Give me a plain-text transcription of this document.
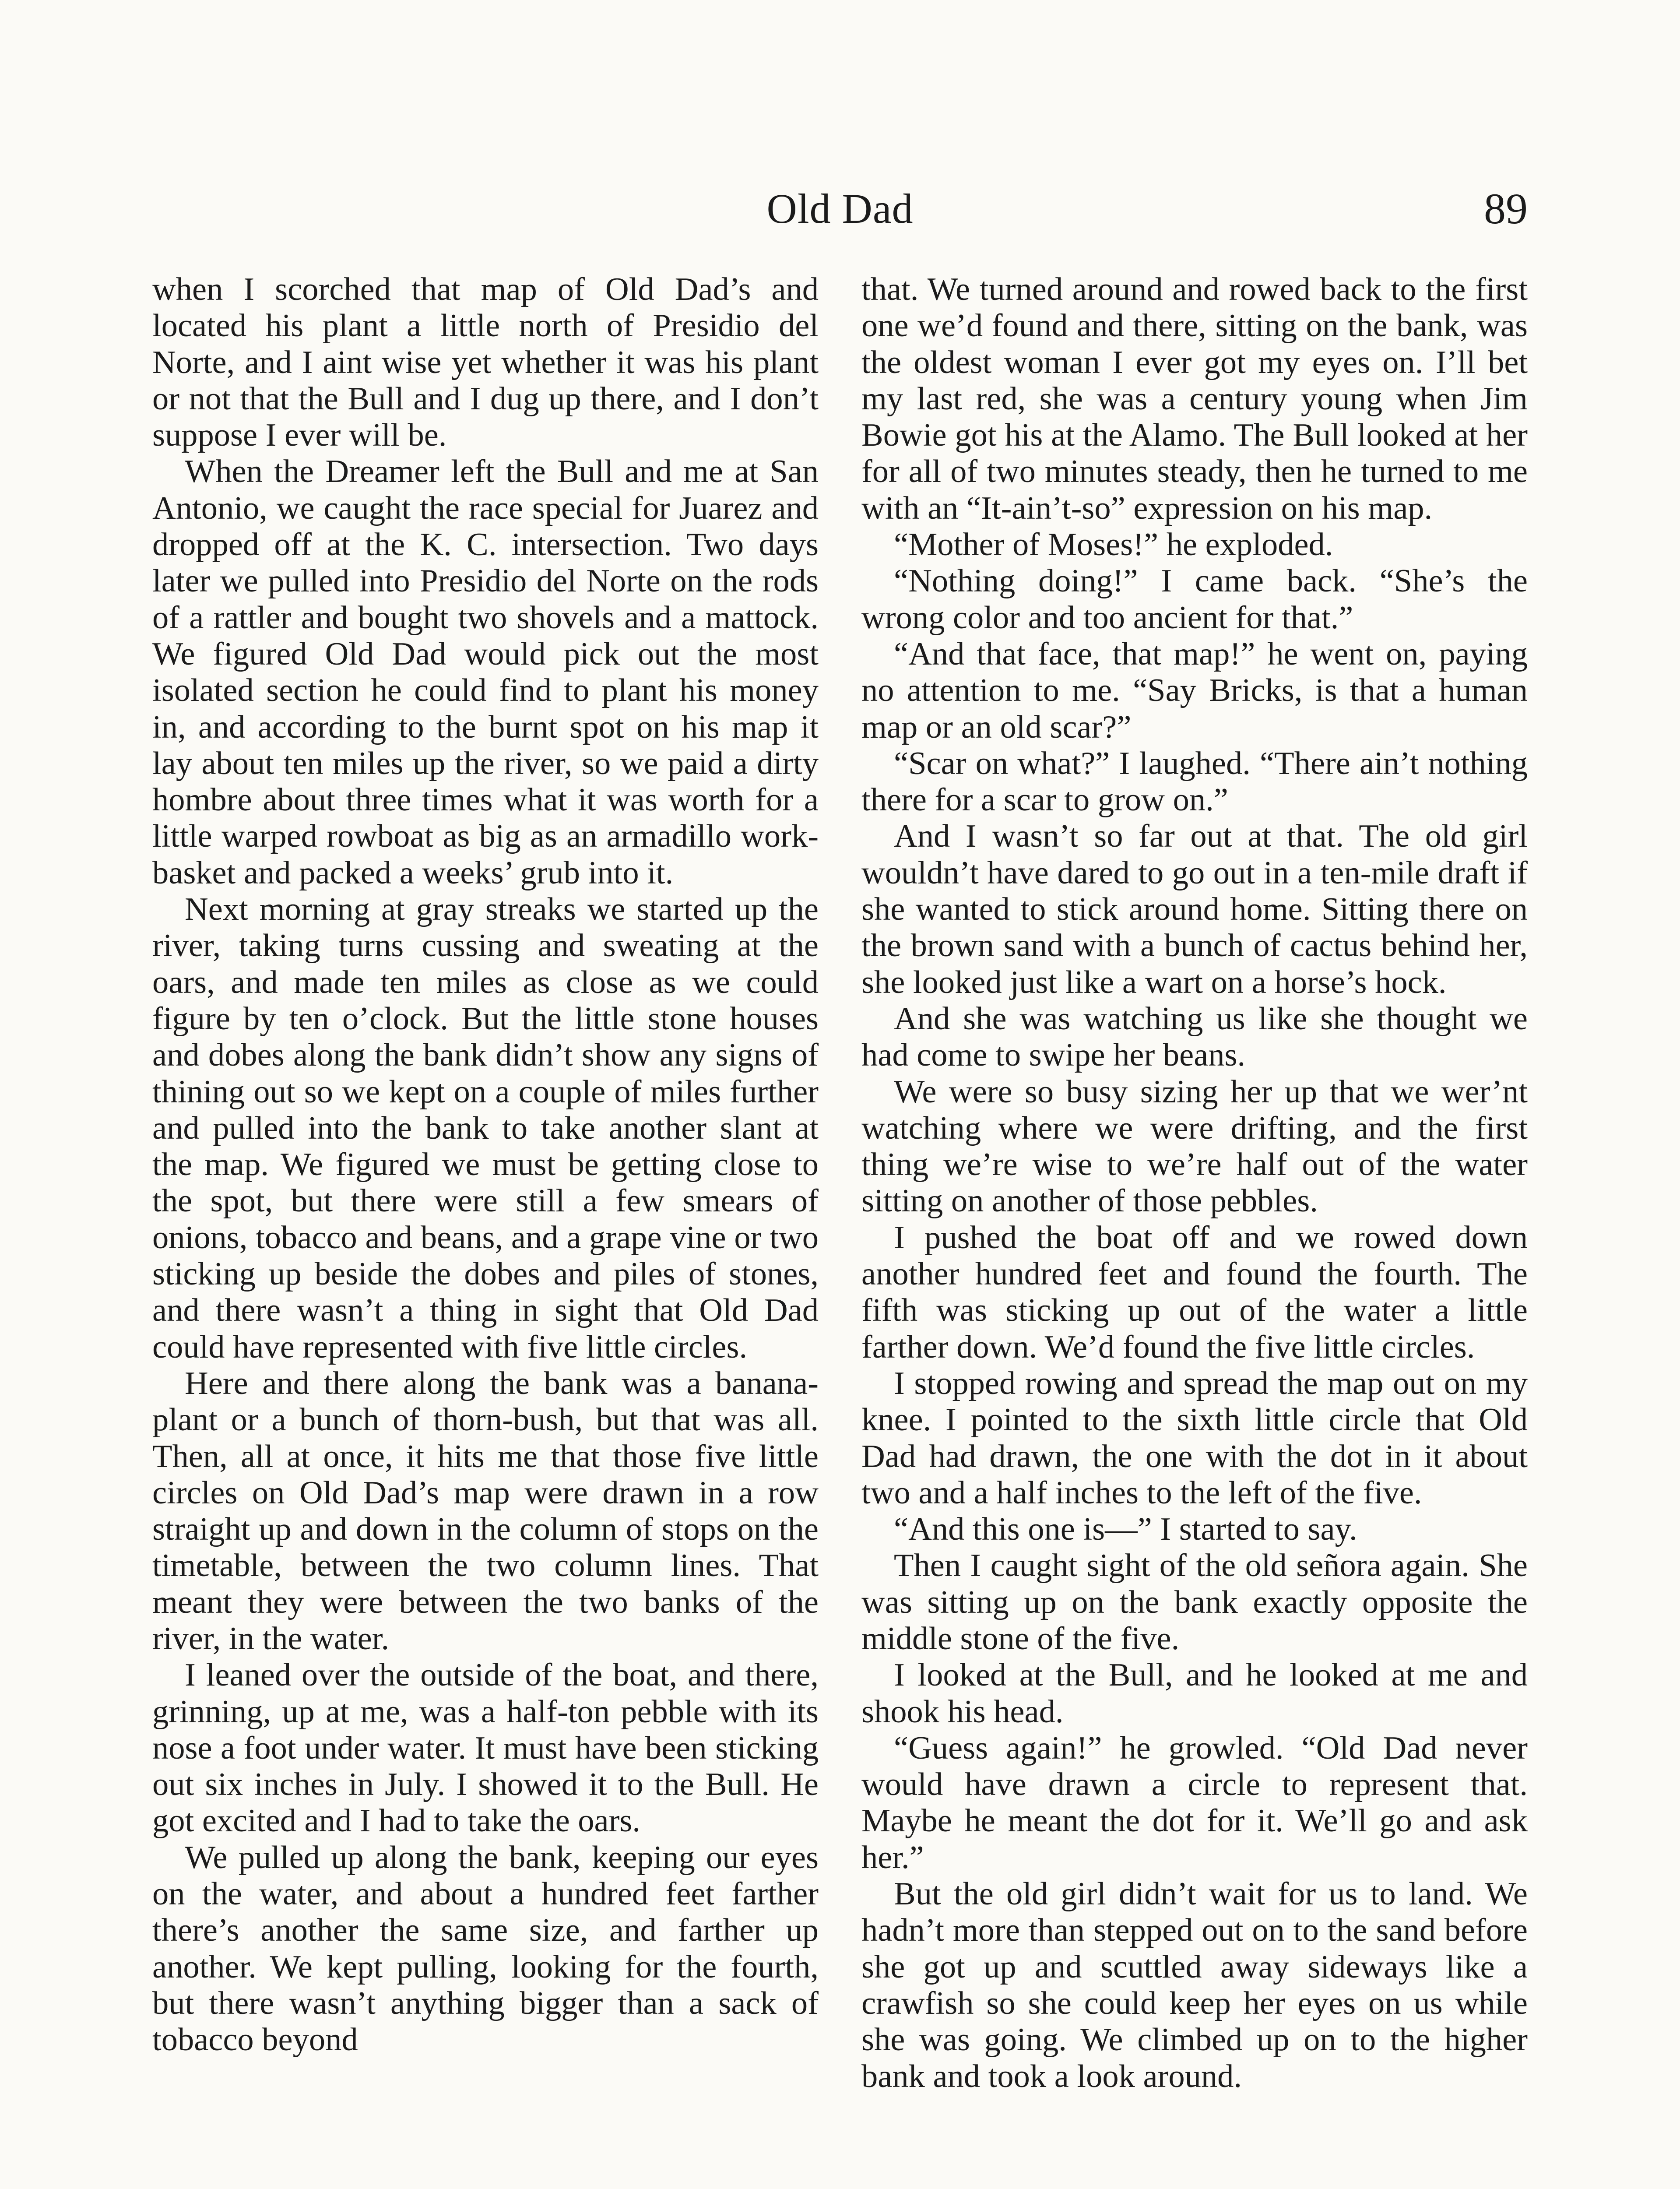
Old Dad	89

when I scorched that map of Old Dad’s and located his plant a little north of Presidio del Norte, and I aint wise yet whether it was his plant or not that the Bull and I dug up there, and I don’t suppose I ever will be.

When the Dreamer left the Bull and me at San Antonio, we caught the race special for Juarez and dropped off at the K. C. intersection. Two days later we pulled into Presidio del Norte on the rods of a rattler and bought two shovels and a mattock. We figured Old Dad would pick out the most isolated section he could find to plant his money in, and according to the burnt spot on his map it lay about ten miles up the river, so we paid a dirty hombre about three times what it was worth for a little warped rowboat as big as an armadillo work-basket and packed a weeks’ grub into it.

Next morning at gray streaks we started up the river, taking turns cussing and sweating at the oars, and made ten miles as close as we could figure by ten o’clock. But the little stone houses and dobes along the bank didn’t show any signs of thining out so we kept on a couple of miles further and pulled into the bank to take another slant at the map. We figured we must be getting close to the spot, but there were still a few smears of onions, tobacco and beans, and a grape vine or two sticking up beside the dobes and piles of stones, and there wasn’t a thing in sight that Old Dad could have represented with five little circles.

Here and there along the bank was a banana-plant or a bunch of thorn-bush, but that was all. Then, all at once, it hits me that those five little circles on Old Dad’s map were drawn in a row straight up and down in the column of stops on the timetable, between the two column lines. That meant they were between the two banks of the river, in the water.

I leaned over the outside of the boat, and there, grinning, up at me, was a half-ton pebble with its nose a foot under water. It must have been sticking out six inches in July. I showed it to the Bull. He got excited and I had to take the oars.

We pulled up along the bank, keeping our eyes on the water, and about a hundred feet farther there’s another the same size, and farther up another. We kept pulling, looking for the fourth, but there wasn’t anything bigger than a sack of tobacco beyond

that. We turned around and rowed back to the first one we’d found and there, sitting on the bank, was the oldest woman I ever got my eyes on. I’ll bet my last red, she was a century young when Jim Bowie got his at the Alamo. The Bull looked at her for all of two minutes steady, then he turned to me with an “It-ain’t-so” expression on his map.

“Mother of Moses!” he exploded.

“Nothing doing!” I came back. “She’s the wrong color and too ancient for that.”

“And that face, that map!” he went on, paying no attention to me. “Say Bricks, is that a human map or an old scar?”

“Scar on what?” I laughed. “There ain’t nothing there for a scar to grow on.”

And I wasn’t so far out at that. The old girl wouldn’t have dared to go out in a ten-mile draft if she wanted to stick around home. Sitting there on the brown sand with a bunch of cactus behind her, she looked just like a wart on a horse’s hock.

And she was watching us like she thought we had come to swipe her beans.

We were so busy sizing her up that we wer’nt watching where we were drifting, and the first thing we’re wise to we’re half out of the water sitting on another of those pebbles.

I pushed the boat off and we rowed down another hundred feet and found the fourth. The fifth was sticking up out of the water a little farther down. We’d found the five little circles.

I stopped rowing and spread the map out on my knee. I pointed to the sixth little circle that Old Dad had drawn, the one with the dot in it about two and a half inches to the left of the five.

“And this one is—” I started to say.

Then I caught sight of the old señora again. She was sitting up on the bank exactly opposite the middle stone of the five.

I looked at the Bull, and he looked at me and shook his head.

“Guess again!” he growled. “Old Dad never would have drawn a circle to represent that. Maybe he meant the dot for it. We’ll go and ask her.”

But the old girl didn’t wait for us to land. We hadn’t more than stepped out on to the sand before she got up and scuttled away sideways like a crawfish so she could keep her eyes on us while she was going. We climbed up on to the higher bank and took a look around.
